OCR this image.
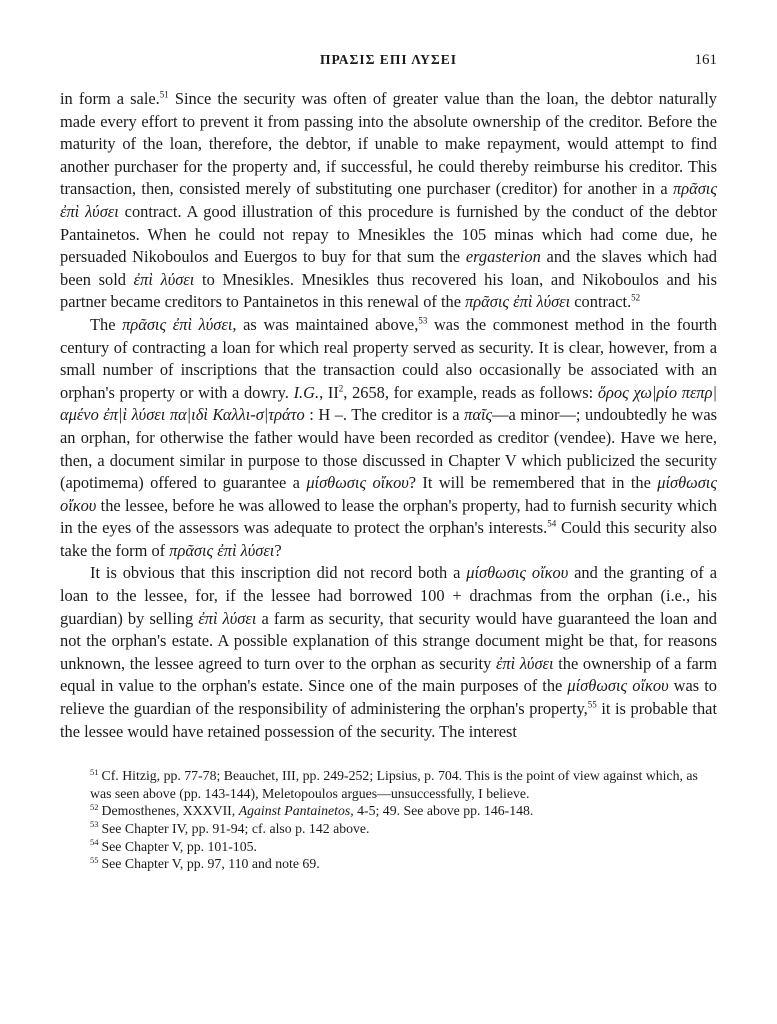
ΠΡΑΣΙΣ ΕΠΙ ΛΥΣΕΙ	161

in form a sale.$^{51}$ Since the security was often of greater value than the loan, the debtor naturally made every effort to prevent it from passing into the absolute ownership of the creditor. Before the maturity of the loan, therefore, the debtor, if unable to make repayment, would attempt to find another purchaser for the property and, if successful, he could thereby reimburse his creditor. This transaction, then, consisted merely of substituting one purchaser (creditor) for another in a πρᾶσις ἐπὶ λύσει contract. A good illustration of this procedure is furnished by the conduct of the debtor Pantainetos. When he could not repay to Mnesikles the 105 minas which had come due, he persuaded Nikoboulos and Euergos to buy for that sum the ergasterion and the slaves which had been sold ἐπὶ λύσει to Mnesikles. Mnesikles thus recovered his loan, and Nikoboulos and his partner became creditors to Pantainetos in this renewal of the πρᾶσις ἐπὶ λύσει contract.$^{52}$

The πρᾶσις ἐπὶ λύσει, as was maintained above,$^{53}$ was the commonest method in the fourth century of contracting a loan for which real property served as security. It is clear, however, from a small number of inscriptions that the transaction could also occasionally be associated with an orphan's property or with a dowry. I.G., $II^2$, 2658, for example, reads as follows: ὅρος χω|ρίο πεπρ|αμένο ἐπ|ὶ λύσει πα|ιδὶ Καλλι-σ|τράτο : H –. The creditor is a παῖς—a minor—; undoubtedly he was an orphan, for otherwise the father would have been recorded as creditor (vendee). Have we here, then, a document similar in purpose to those discussed in Chapter V which publicized the security (apotimema) offered to guarantee a μίσθωσις οἴκου? It will be remembered that in the μίσθωσις οἴκου the lessee, before he was allowed to lease the orphan's property, had to furnish security which in the eyes of the assessors was adequate to protect the orphan's interests.$^{54}$ Could this security also take the form of πρᾶσις ἐπὶ λύσει?

It is obvious that this inscription did not record both a μίσθωσις οἴκου and the granting of a loan to the lessee, for, if the lessee had borrowed 100 + drachmas from the orphan (i.e., his guardian) by selling ἐπὶ λύσει a farm as security, that security would have guaranteed the loan and not the orphan's estate. A possible explanation of this strange document might be that, for reasons unknown, the lessee agreed to turn over to the orphan as security ἐπὶ λύσει the ownership of a farm equal in value to the orphan's estate. Since one of the main purposes of the μίσθωσις οἴκου was to relieve the guardian of the responsibility of administering the orphan's property,$^{55}$ it is probable that the lessee would have retained possession of the security. The interest

$^{51}$ Cf. Hitzig, pp. 77-78; Beauchet, III, pp. 249-252; Lipsius, p. 704. This is the point of view against which, as was seen above (pp. 143-144), Meletopoulos argues—unsuccessfully, I believe.

$^{52}$ Demosthenes, XXXVII, Against Pantainetos, 4-5; 49. See above pp. 146-148.

$^{53}$ See Chapter IV, pp. 91-94; cf. also p. 142 above.

$^{54}$ See Chapter V, pp. 101-105.

$^{55}$ See Chapter V, pp. 97, 110 and note 69.
